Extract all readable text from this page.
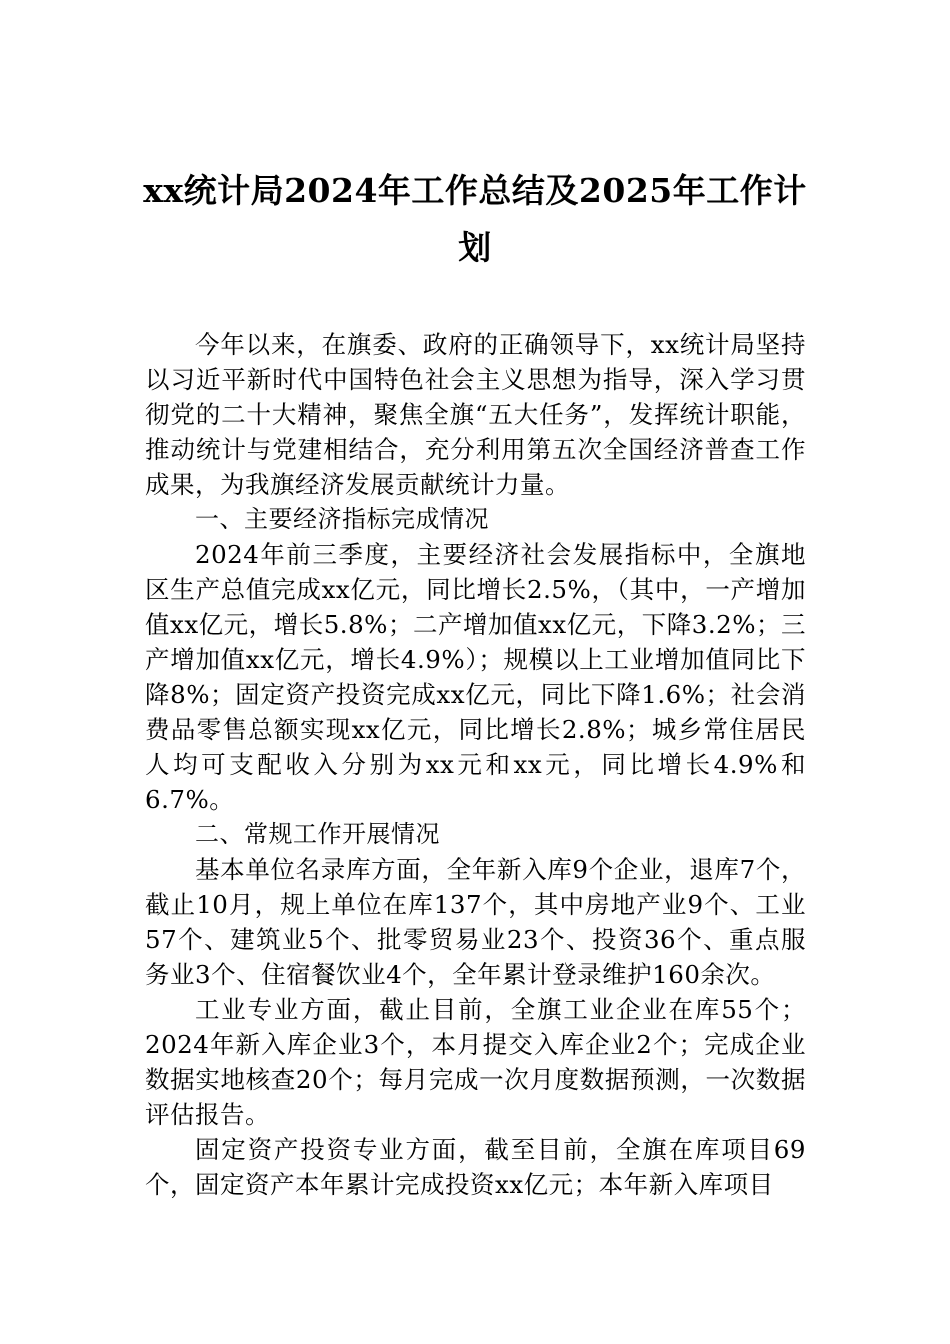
xx统计局2024年工作总结及2025年工作计划

今年以来，在旗委、政府的正确领导下，xx统计局坚持以习近平新时代中国特色社会主义思想为指导，深入学习贯彻党的二十大精神，聚焦全旗“五大任务”，发挥统计职能，推动统计与党建相结合，充分利用第五次全国经济普查工作成果，为我旗经济发展贡献统计力量。

一、主要经济指标完成情况

2024年前三季度，主要经济社会发展指标中，全旗地区生产总值完成xx亿元，同比增长2.5%，（其中，一产增加值xx亿元，增长5.8%；二产增加值xx亿元，下降3.2%；三产增加值xx亿元，增长4.9%）；规模以上工业增加值同比下降8%；固定资产投资完成xx亿元，同比下降1.6%；社会消费品零售总额实现xx亿元，同比增长2.8%；城乡常住居民人均可支配收入分别为xx元和xx元，同比增长4.9%和6.7%。

二、常规工作开展情况

基本单位名录库方面，全年新入库9个企业，退库7个，截止10月，规上单位在库137个，其中房地产业9个、工业57个、建筑业5个、批零贸易业23个、投资36个、重点服务业3个、住宿餐饮业4个，全年累计登录维护160余次。

工业专业方面，截止目前，全旗工业企业在库55个；2024年新入库企业3个，本月提交入库企业2个；完成企业数据实地核查20个；每月完成一次月度数据预测，一次数据评估报告。

固定资产投资专业方面，截至目前，全旗在库项目69个，固定资产本年累计完成投资xx亿元；本年新入库项目
